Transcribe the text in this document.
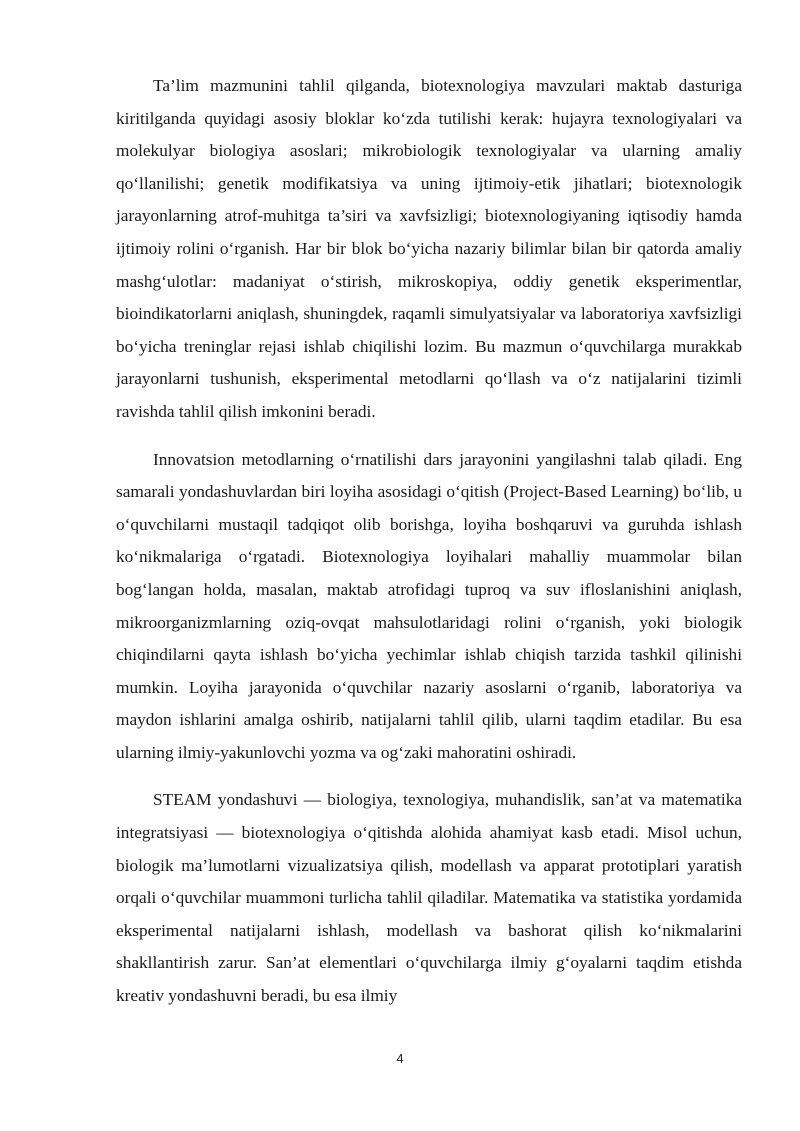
Ta’lim mazmunini tahlil qilganda, biotexnologiya mavzulari maktab dasturiga kiritilganda quyidagi asosiy bloklar ko‘zda tutilishi kerak: hujayra texnologiyalari va molekulyar biologiya asoslari; mikrobiologik texnologiyalar va ularning amaliy qo‘llanilishi; genetik modifikatsiya va uning ijtimoiy-etik jihatlari; biotexnologik jarayonlarning atrof-muhitga ta’siri va xavfsizligi; biotexnologiyaning iqtisodiy hamda ijtimoiy rolini o‘rganish. Har bir blok bo‘yicha nazariy bilimlar bilan bir qatorda amaliy mashg‘ulotlar: madaniyat o‘stirish, mikroskopiya, oddiy genetik eksperimentlar, bioindikatorlarni aniqlash, shuningdek, raqamli simulyatsiyalar va laboratoriya xavfsizligi bo‘yicha treninglar rejasi ishlab chiqilishi lozim. Bu mazmun o‘quvchilarga murakkab jarayonlarni tushunish, eksperimental metodlarni qo‘llash va o‘z natijalarini tizimli ravishda tahlil qilish imkonini beradi.

Innovatsion metodlarning o‘rnatilishi dars jarayonini yangilashni talab qiladi. Eng samarali yondashuvlardan biri loyiha asosidagi o‘qitish (Project-Based Learning) bo‘lib, u o‘quvchilarni mustaqil tadqiqot olib borishga, loyiha boshqaruvi va guruhda ishlash ko‘nikmalariga o‘rgatadi. Biotexnologiya loyihalari mahalliy muammolar bilan bog‘langan holda, masalan, maktab atrofidagi tuproq va suv ifloslanishini aniqlash, mikroorganizmlarning oziq-ovqat mahsulotlaridagi rolini o‘rganish, yoki biologik chiqindilarni qayta ishlash bo‘yicha yechimlar ishlab chiqish tarzida tashkil qilinishi mumkin. Loyiha jarayonida o‘quvchilar nazariy asoslarni o‘rganib, laboratoriya va maydon ishlarini amalga oshirib, natijalarni tahlil qilib, ularni taqdim etadilar. Bu esa ularning ilmiy-yakunlovchi yozma va og‘zaki mahoratini oshiradi.

STEAM yondashuvi — biologiya, texnologiya, muhandislik, san’at va matematika integratsiyasi — biotexnologiya o‘qitishda alohida ahamiyat kasb etadi. Misol uchun, biologik ma’lumotlarni vizualizatsiya qilish, modellash va apparat prototiplari yaratish orqali o‘quvchilar muammoni turlicha tahlil qiladilar. Matematika va statistika yordamida eksperimental natijalarni ishlash, modellash va bashorat qilish ko‘nikmalarini shakllantirish zarur. San’at elementlari o‘quvchilarga ilmiy g‘oyalarni taqdim etishda kreativ yondashuvni beradi, bu esa ilmiy

4
